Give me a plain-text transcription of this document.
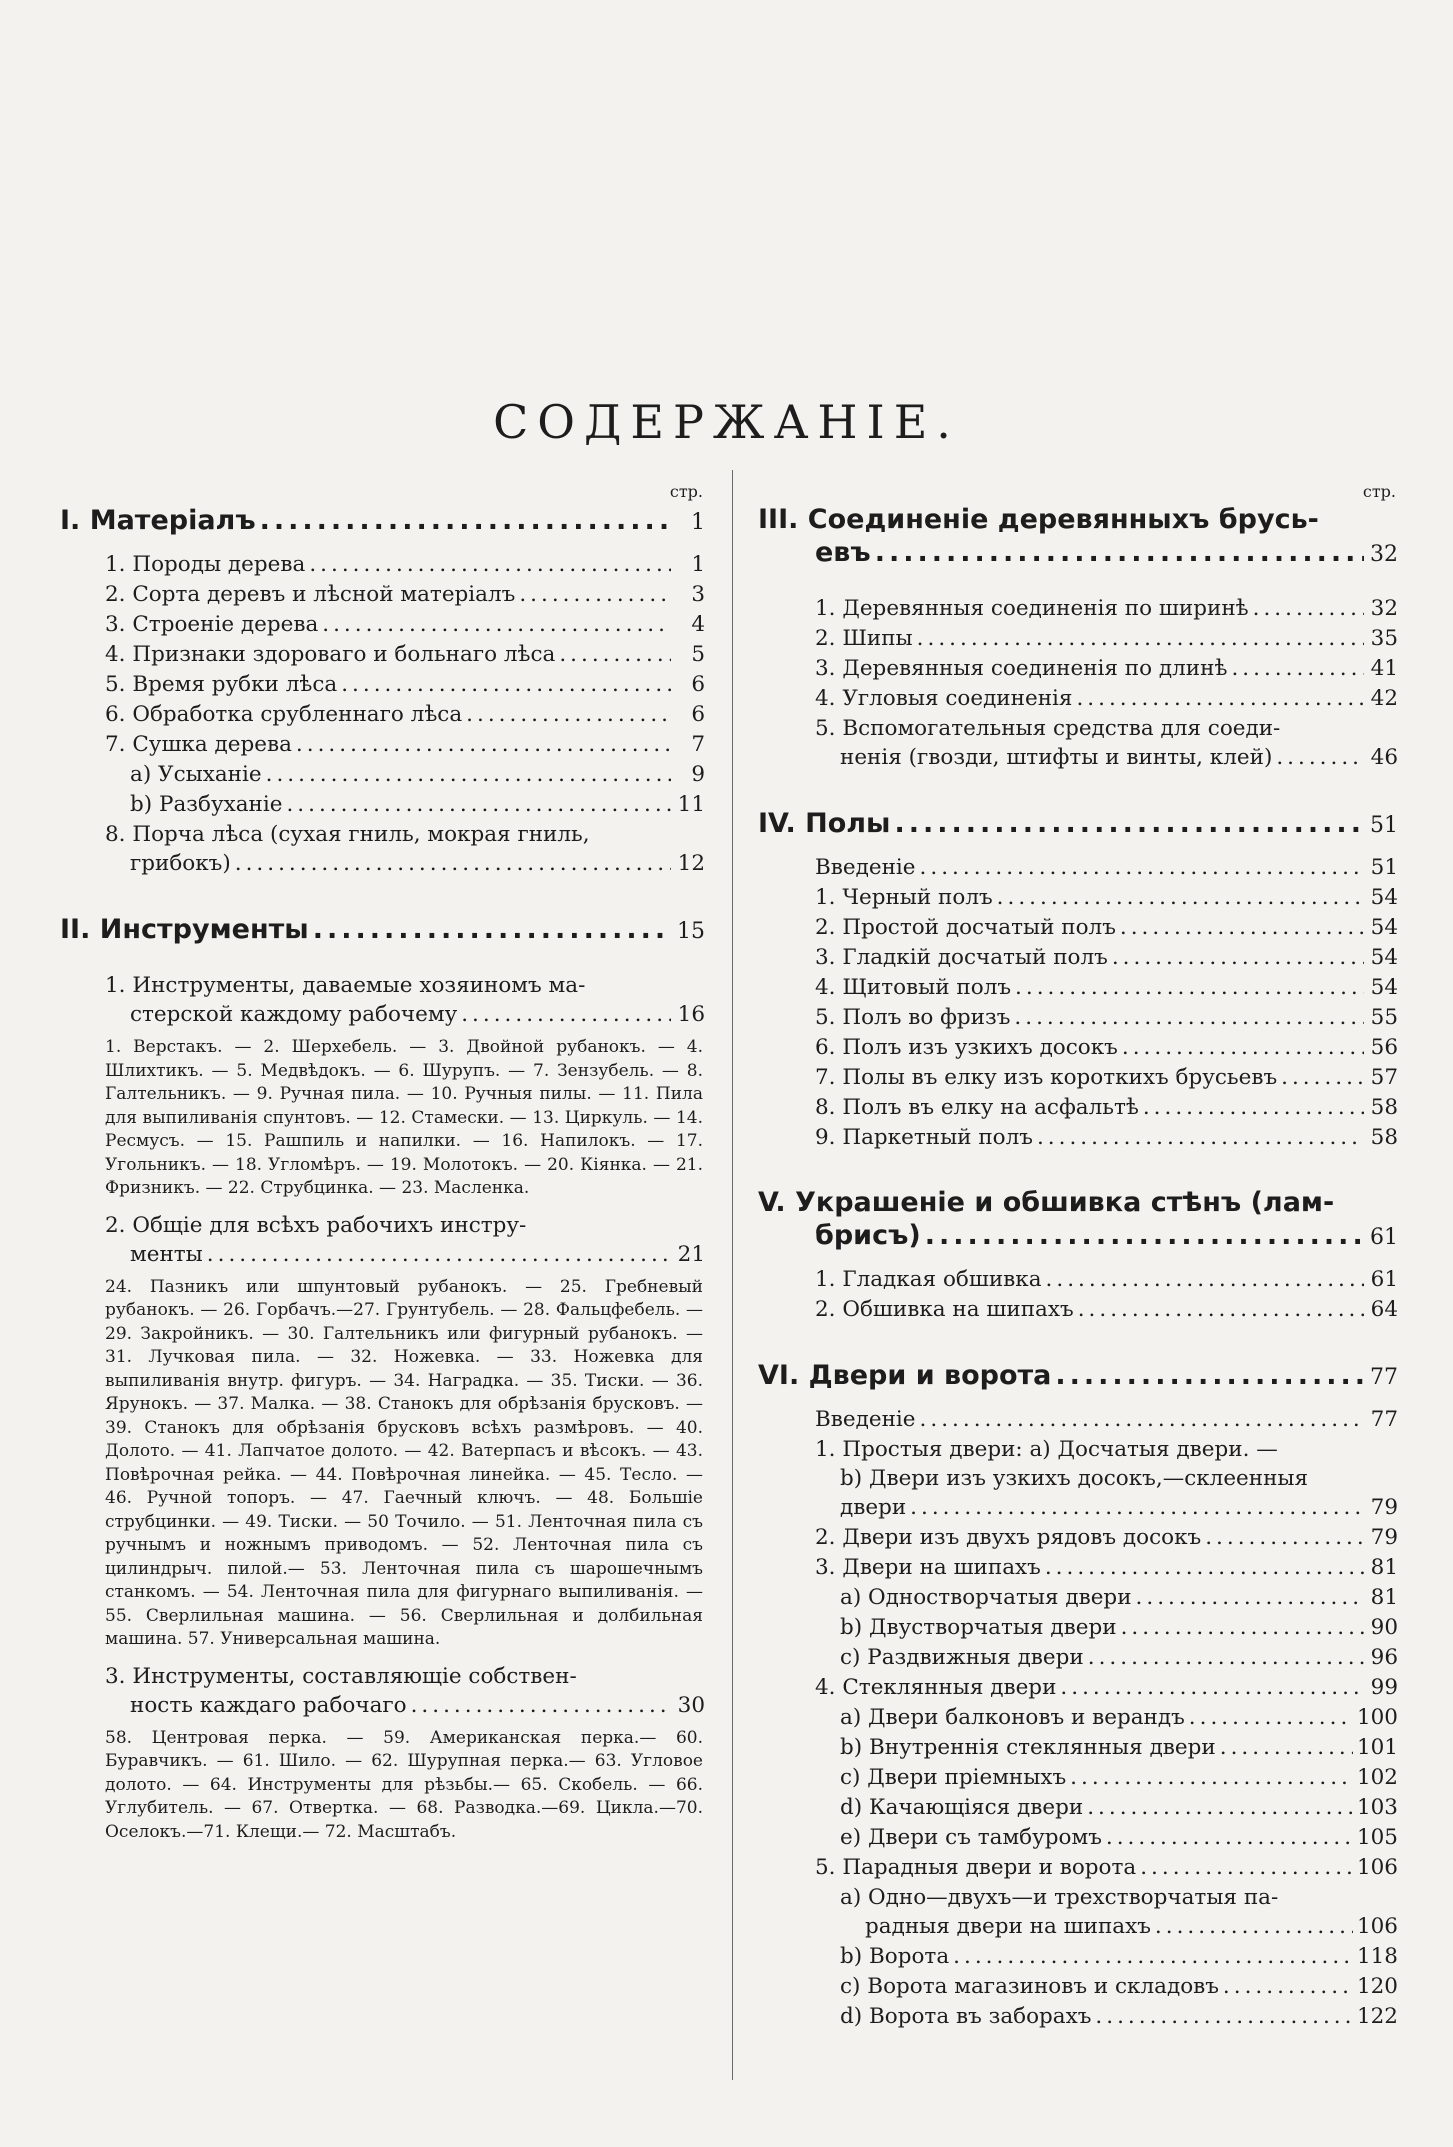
СОДЕРЖАНІЕ.
стр.
I. Матеріалъ .....	1
1. Породы дерева .....	1
2. Сорта деревъ и лѣсной матеріалъ .....	3
3. Строеніе дерева .....	4
4. Признаки здороваго и больнаго лѣса .....	5
5. Время рубки лѣса .....	6
6. Обработка срубленнаго лѣса .....	6
7. Сушка дерева .....	7
а) Усыханіе .....	9
b) Разбуханіе .....	11
8. Порча лѣса (сухая гниль, мокрая гниль,
грибокъ) .....	12
II. Инструменты .....	15
1. Инструменты, даваемые хозяиномъ ма-
стерской каждому рабочему .....	16
1. Верстакъ. — 2. Шерхебель. — 3. Двойной рубанокъ. — 4. Шлихтикъ. — 5. Медвѣдокъ. — 6. Шурупъ. — 7. Зензубель. — 8. Галтельникъ. — 9. Ручная пила. — 10. Ручныя пилы. — 11. Пила для выпиливанія спунтовъ. — 12. Стамески. — 13. Циркуль. — 14. Ресмусъ. — 15. Рашпиль и напилки. — 16. Напилокъ. — 17. Угольникъ. — 18. Угломѣръ. — 19. Молотокъ. — 20. Кіянка. — 21. Фризникъ. — 22. Струбцинка. — 23. Масленка.
2. Общіе для всѣхъ рабочихъ инстру-
менты .....	21
24. Пазникъ или шпунтовый рубанокъ. — 25. Гребневый рубанокъ. — 26. Горбачъ.—27. Грунтубель. — 28. Фальцфебель. — 29. Закройникъ. — 30. Галтельникъ или фигурный рубанокъ. — 31. Лучковая пила. — 32. Ножевка. — 33. Ножевка для выпиливанія внутр. фигуръ. — 34. Наградка. — 35. Тиски. — 36. Ярунокъ. — 37. Малка. — 38. Станокъ для обрѣзанія брусковъ. — 39. Станокъ для обрѣзанія брусковъ всѣхъ размѣровъ. — 40. Долото. — 41. Лапчатое долото. — 42. Ватерпасъ и вѣсокъ. — 43. Повѣрочная рейка. — 44. Повѣрочная линейка. — 45. Тесло. — 46. Ручной топоръ. — 47. Гаечный ключъ. — 48. Большіе струбцинки. — 49. Тиски. — 50 Точило. — 51. Ленточная пила съ ручнымъ и ножнымъ приводомъ. — 52. Ленточная пила съ цилиндрыч. пилой.— 53. Ленточная пила съ шарошечнымъ станкомъ. — 54. Ленточная пила для фигурнаго выпиливанія. — 55. Сверлильная машина. — 56. Сверлильная и долбильная машина. 57. Универсальная машина.
3. Инструменты, составляющіе собствен-
ность каждаго рабочаго .....	30
58. Центровая перка. — 59. Американская перка.— 60. Буравчикъ. — 61. Шило. — 62. Шурупная перка.— 63. Угловое долото. — 64. Инструменты для рѣзьбы.— 65. Скобель. — 66. Углубитель. — 67. Отвертка. — 68. Разводка.—69. Цикла.—70. Оселокъ.—71. Клещи.— 72. Масштабъ.
стр.
III. Соединеніе деревянныхъ брусь-
евъ .....	32
1. Деревянныя соединенія по ширинѣ .....	32
2. Шипы .....	35
3. Деревянныя соединенія по длинѣ .....	41
4. Угловыя соединенія .....	42
5. Вспомогательныя средства для соеди-
ненія (гвозди, штифты и винты, клей) .....	46
IV. Полы .....	51
Введеніе .....	51
1. Черный полъ .....	54
2. Простой досчатый полъ .....	54
3. Гладкій досчатый полъ .....	54
4. Щитовый полъ .....	54
5. Полъ во фризъ .....	55
6. Полъ изъ узкихъ досокъ .....	56
7. Полы въ елку изъ короткихъ брусьевъ .....	57
8. Полъ въ елку на асфальтѣ .....	58
9. Паркетный полъ .....	58
V. Украшеніе и обшивка стѣнъ (лам-
брисъ) .....	61
1. Гладкая обшивка .....	61
2. Обшивка на шипахъ .....	64
VI. Двери и ворота .....	77
Введеніе .....	77
1. Простыя двери: а) Досчатыя двери. —
b) Двери изъ узкихъ досокъ,—склеенныя
двери .....	79
2. Двери изъ двухъ рядовъ досокъ .....	79
3. Двери на шипахъ .....	81
а) Одностворчатыя двери .....	81
b) Двустворчатыя двери .....	90
c) Раздвижныя двери .....	96
4. Стеклянныя двери .....	99
а) Двери балконовъ и верандъ .....	100
b) Внутреннія стеклянныя двери .....	101
c) Двери пріемныхъ .....	102
d) Качающіяся двери .....	103
e) Двери съ тамбуромъ .....	105
5. Парадныя двери и ворота .....	106
а) Одно—двухъ—и трехстворчатыя па-
радныя двери на шипахъ .....	106
b) Ворота .....	118
c) Ворота магазиновъ и складовъ .....	120
d) Ворота въ заборахъ .....	122
